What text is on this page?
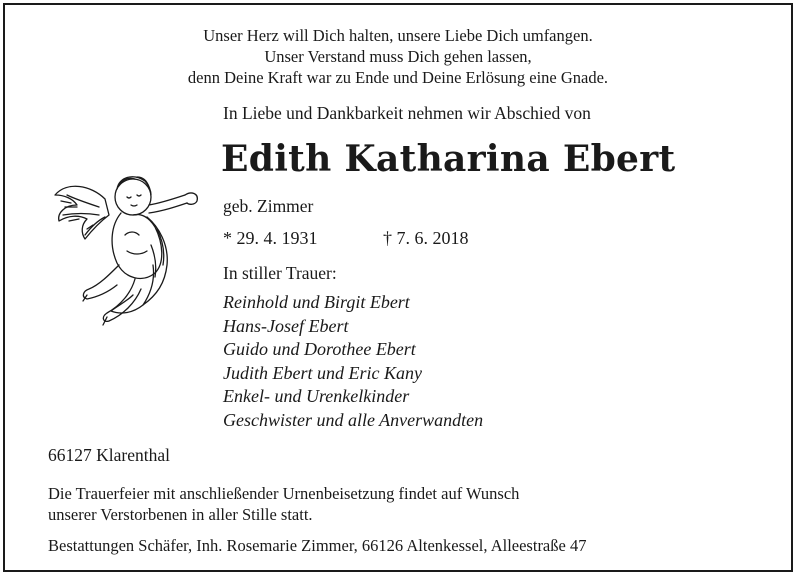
Unser Herz will Dich halten, unsere Liebe Dich umfangen.
Unser Verstand muss Dich gehen lassen,
denn Deine Kraft war zu Ende und Deine Erlösung eine Gnade.
In Liebe und Dankbarkeit nehmen wir Abschied von
Edith Katharina Ebert
geb. Zimmer
* 29. 4. 1931	† 7. 6. 2018
In stiller Trauer:
Reinhold und Birgit Ebert
Hans-Josef Ebert
Guido und Dorothee Ebert
Judith Ebert und Eric Kany
Enkel- und Urenkelkinder
Geschwister und alle Anverwandten
66127 Klarenthal
Die Trauerfeier mit anschließender Urnenbeisetzung findet auf Wunsch
unserer Verstorbenen in aller Stille statt.
Bestattungen Schäfer, Inh. Rosemarie Zimmer, 66126 Altenkessel, Alleestraße 47
